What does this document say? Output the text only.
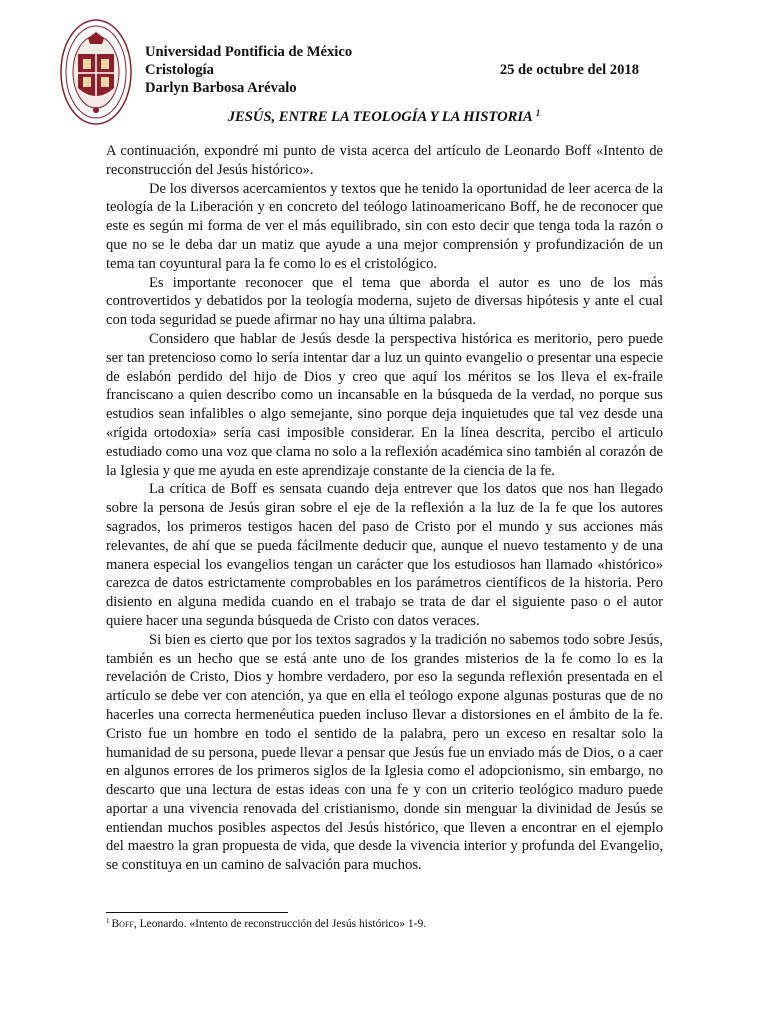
Universidad Pontificia de México
Cristología
Darlyn Barbosa Arévalo
25 de octubre del 2018
JESÚS, ENTRE LA TEOLOGÍA Y LA HISTORIA $^1$

A continuación, expondré mi punto de vista acerca del artículo de Leonardo Boff «Intento de reconstrucción del Jesús histórico».

De los diversos acercamientos y textos que he tenido la oportunidad de leer acerca de la teología de la Liberación y en concreto del teólogo latinoamericano Boff, he de reconocer que este es según mi forma de ver el más equilibrado, sin con esto decir que tenga toda la razón o que no se le deba dar un matiz que ayude a una mejor comprensión y profundización de un tema tan coyuntural para la fe como lo es el cristológico.

Es importante reconocer que el tema que aborda el autor es uno de los más controvertidos y debatidos por la teología moderna, sujeto de diversas hipótesis y ante el cual con toda seguridad se puede afirmar no hay una última palabra.

Considero que hablar de Jesús desde la perspectiva histórica es meritorio, pero puede ser tan pretencioso como lo sería intentar dar a luz un quinto evangelio o presentar una especie de eslabón perdido del hijo de Dios y creo que aquí los méritos se los lleva el ex-fraile franciscano a quien describo como un incansable en la búsqueda de la verdad, no porque sus estudios sean infalibles o algo semejante, sino porque deja inquietudes que tal vez desde una «rígida ortodoxia» sería casi imposible considerar. En la línea descrita, percibo el articulo estudiado como una voz que clama no solo a la reflexión académica sino también al corazón de la Iglesia y que me ayuda en este aprendizaje constante de la ciencia de la fe.

La crítica de Boff es sensata cuando deja entrever que los datos que nos han llegado sobre la persona de Jesús giran sobre el eje de la reflexión a la luz de la fe que los autores sagrados, los primeros testigos hacen del paso de Cristo por el mundo y sus acciones más relevantes, de ahí que se pueda fácilmente deducir que, aunque el nuevo testamento y de una manera especial los evangelios tengan un carácter que los estudiosos han llamado «histórico» carezca de datos estrictamente comprobables en los parámetros científicos de la historia. Pero disiento en alguna medida cuando en el trabajo se trata de dar el siguiente paso o el autor quiere hacer una segunda búsqueda de Cristo con datos veraces.

Si bien es cierto que por los textos sagrados y la tradición no sabemos todo sobre Jesús, también es un hecho que se está ante uno de los grandes misterios de la fe como lo es la revelación de Cristo, Dios y hombre verdadero, por eso la segunda reflexión presentada en el artículo se debe ver con atención, ya que en ella el teólogo expone algunas posturas que de no hacerles una correcta hermenéutica pueden incluso llevar a distorsiones en el ámbito de la fe. Cristo fue un hombre en todo el sentido de la palabra, pero un exceso en resaltar solo la humanidad de su persona, puede llevar a pensar que Jesús fue un enviado más de Dios, o a caer en algunos errores de los primeros siglos de la Iglesia como el adopcionismo, sin embargo, no descarto que una lectura de estas ideas con una fe y con un criterio teológico maduro puede aportar a una vivencia renovada del cristianismo, donde sin menguar la divinidad de Jesús se entiendan muchos posibles aspectos del Jesús histórico, que lleven a encontrar en el ejemplo del maestro la gran propuesta de vida, que desde la vivencia interior y profunda del Evangelio, se constituya en un camino de salvación para muchos.

$^1$ Boff, Leonardo. «Intento de reconstrucción del Jesús histórico» 1-9.
